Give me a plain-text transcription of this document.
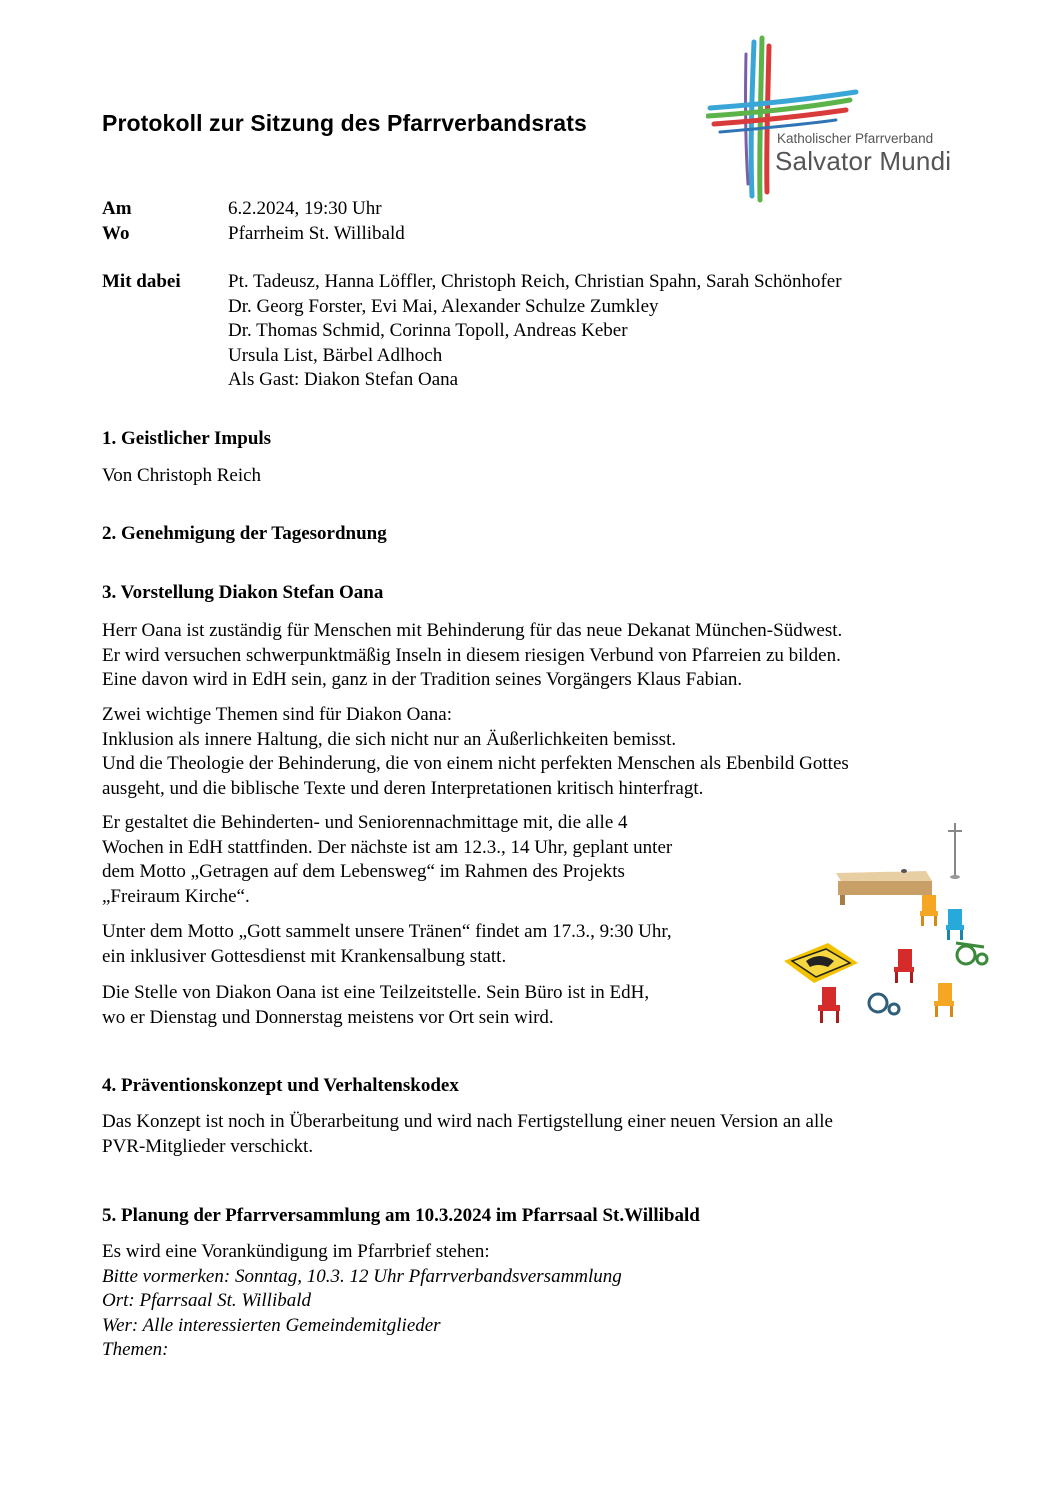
Protokoll zur Sitzung des Pfarrverbandsrats
Katholischer Pfarrverband
Salvator Mundi
Am	6.2.2024, 19:30 Uhr
Wo	Pfarrheim St. Willibald
Mit dabei Pt. Tadeusz, Hanna Löffler, Christoph Reich, Christian Spahn, Sarah Schönhofer
Dr. Georg Forster, Evi Mai, Alexander Schulze Zumkley
Dr. Thomas Schmid, Corinna Topoll, Andreas Keber
Ursula List, Bärbel Adlhoch
Als Gast: Diakon Stefan Oana
1. Geistlicher Impuls

Von Christoph Reich

2. Genehmigung der Tagesordnung
3. Vorstellung Diakon Stefan Oana

Herr Oana ist zuständig für Menschen mit Behinderung für das neue Dekanat München-Südwest.
Er wird versuchen schwerpunktmäßig Inseln in diesem riesigen Verbund von Pfarreien zu bilden.
Eine davon wird in EdH sein, ganz in der Tradition seines Vorgängers Klaus Fabian.

Zwei wichtige Themen sind für Diakon Oana:
Inklusion als innere Haltung, die sich nicht nur an Äußerlichkeiten bemisst.
Und die Theologie der Behinderung, die von einem nicht perfekten Menschen als Ebenbild Gottes
ausgeht, und die biblische Texte und deren Interpretationen kritisch hinterfragt.

Er gestaltet die Behinderten- und Seniorennachmittage mit, die alle 4
Wochen in EdH stattfinden. Der nächste ist am 12.3., 14 Uhr, geplant unter
dem Motto „Getragen auf dem Lebensweg“ im Rahmen des Projekts
„Freiraum Kirche“.

Unter dem Motto „Gott sammelt unsere Tränen“ findet am 17.3., 9:30 Uhr,
ein inklusiver Gottesdienst mit Krankensalbung statt.

Die Stelle von Diakon Oana ist eine Teilzeitstelle. Sein Büro ist in EdH,
wo er Dienstag und Donnerstag meistens vor Ort sein wird.

4. Präventionskonzept und Verhaltenskodex

Das Konzept ist noch in Überarbeitung und wird nach Fertigstellung einer neuen Version an alle
PVR-Mitglieder verschickt.

5. Planung der Pfarrversammlung am 10.3.2024 im Pfarrsaal St.Willibald

Es wird eine Vorankündigung im Pfarrbrief stehen:
Bitte vormerken: Sonntag, 10.3. 12 Uhr Pfarrverbandsversammlung
Ort: Pfarrsaal St. Willibald
Wer: Alle interessierten Gemeindemitglieder
Themen:
